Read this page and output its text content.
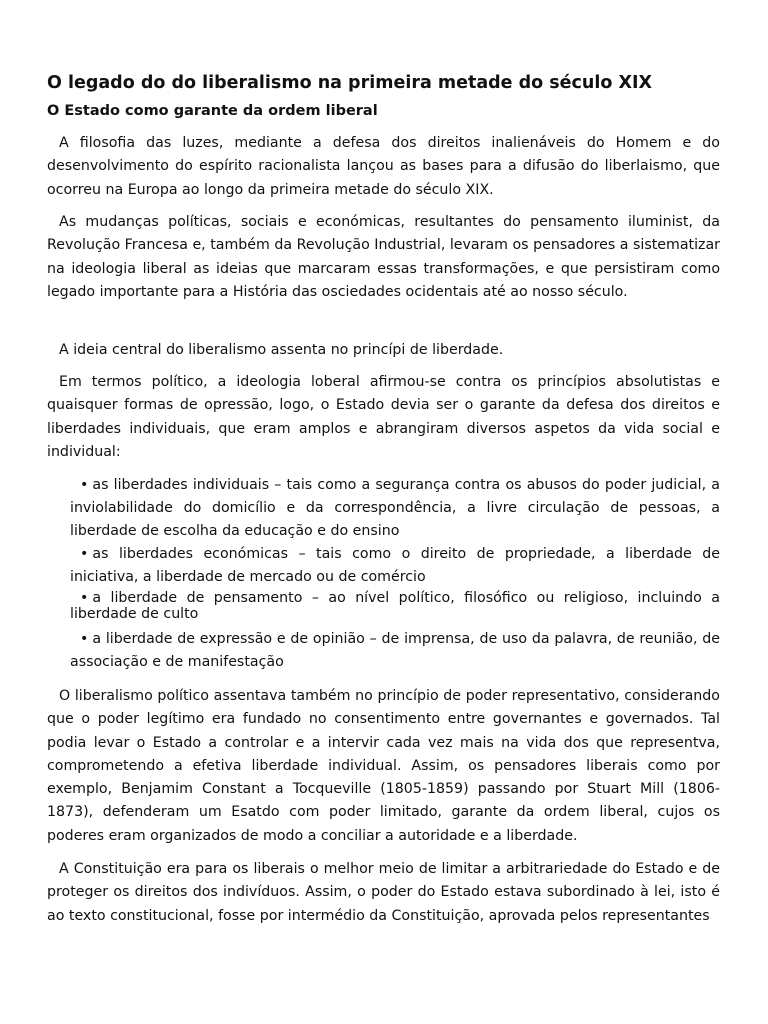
O legado do do liberalismo na primeira metade do século XIX
O Estado como garante da ordem liberal

A filosofia das luzes, mediante a defesa dos direitos inalienáveis do Homem e do desenvolvimento do espírito racionalista lançou as bases para a difusão do liberlaismo, que ocorreu na Europa ao longo da primeira metade do século XIX.

As mudanças políticas, sociais e económicas, resultantes do pensamento iluminist, da Revolução Francesa e, também da Revolução Industrial, levaram os pensadores a sistematizar na ideologia liberal as ideias que marcaram essas transformações, e que persistiram como legado importante para a História das osciedades ocidentais até ao nosso século.

A ideia central do liberalismo assenta no princípi de liberdade.

Em termos político, a ideologia loberal afirmou-se contra os princípios absolutistas e quaisquer formas de opressão, logo, o Estado devia ser o garante da defesa dos direitos e liberdades individuais, que eram amplos e abrangiram diversos aspetos da vida social e individual:

• as liberdades individuais – tais como a segurança contra os abusos do poder judicial, a inviolabilidade do domicílio e da correspondência, a livre circulação de pessoas, a liberdade de escolha da educação e do ensino

• as liberdades económicas – tais como o direito de propriedade, a liberdade de iniciativa, a liberdade de mercado ou de comércio

• a liberdade de pensamento – ao nível político, filosófico ou religioso, incluindo a liberdade de culto

• a liberdade de expressão e de opinião – de imprensa, de uso da palavra, de reunião, de associação e de manifestação

O liberalismo político assentava também no princípio de poder representativo, considerando que o poder legítimo era fundado no consentimento entre governantes e governados. Tal podia levar o Estado a controlar e a intervir cada vez mais na vida dos que representva, comprometendo a efetiva liberdade individual. Assim, os pensadores liberais como por exemplo, Benjamim Constant a Tocqueville (1805-1859) passando por Stuart Mill (1806-1873), defenderam um Esatdo com poder limitado, garante da ordem liberal, cujos os poderes eram organizados de modo a conciliar a autoridade e a liberdade.

A Constituição era para os liberais o melhor meio de limitar a arbitrariedade do Estado e de proteger os direitos dos indivíduos. Assim, o poder do Estado estava subordinado à lei, isto é ao texto constitucional, fosse por intermédio da Constituição, aprovada pelos representantes
